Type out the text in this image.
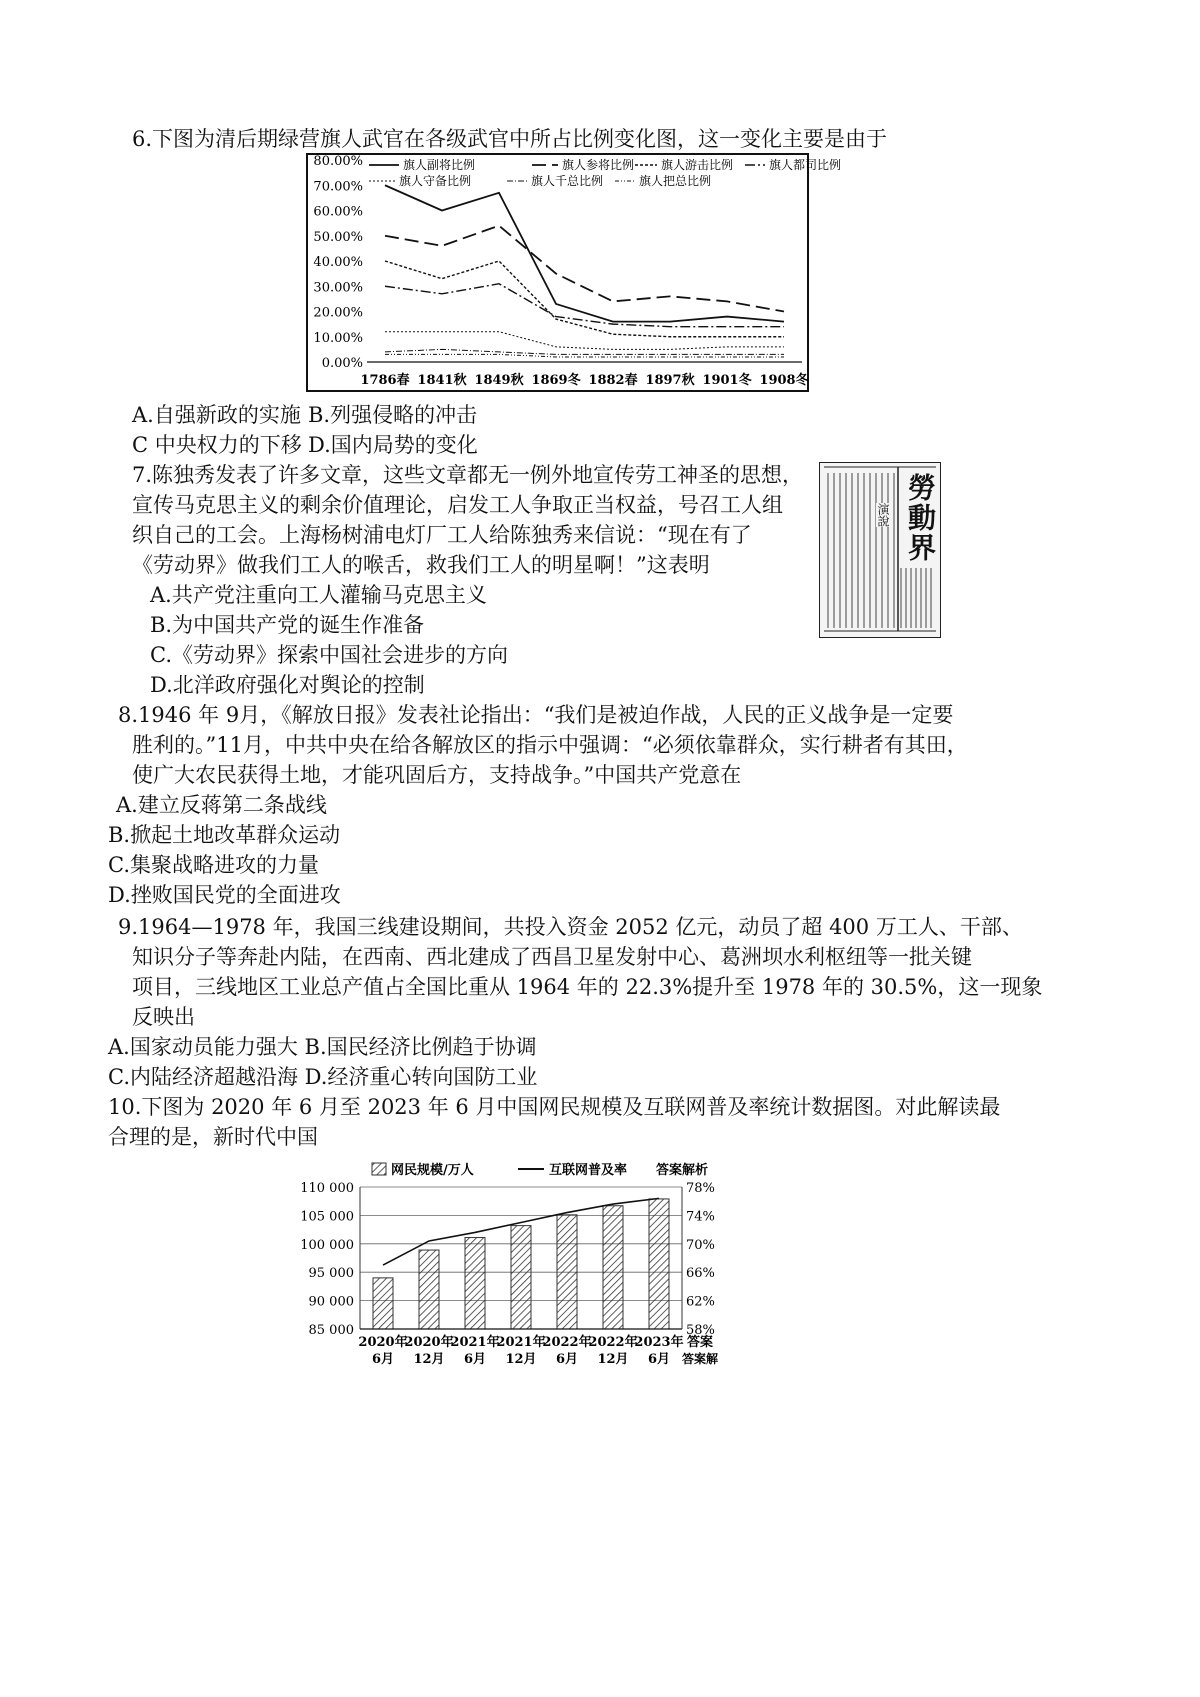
6.下图为清后期绿营旗人武官在各级武官中所占比例变化图，这一变化主要是由于
0.00%
10.00%
20.00%
30.00%
40.00%
50.00%
60.00%
70.00%
80.00%
1786春 1841秋 1849秋 1869冬 1882春 1897秋 1901冬 1908冬
旗人副将比例	旗人参将比例 旗人游击比例	旗人都司比例
旗人守备比例	旗人千总比例	旗人把总比例
A.自强新政的实施 B.列强侵略的冲击
C 中央权力的下移 D.国内局势的变化
7.陈独秀发表了许多文章，这些文章都无一例外地宣传劳工神圣的思想，
宣传马克思主义的剩余价值理论，启发工人争取正当权益，号召工人组
织自己的工会。上海杨树浦电灯厂工人给陈独秀来信说：“现在有了
《劳动界》做我们工人的喉舌，救我们工人的明星啊！”这表明
A.共产党注重向工人灌输马克思主义
B.为中国共产党的诞生作准备
C.《劳动界》探索中国社会进步的方向
D.北洋政府强化对舆论的控制
勞動界
演說
8.1946 年 9月，《解放日报》发表社论指出：“我们是被迫作战，人民的正义战争是一定要
胜利的。”11月，中共中央在给各解放区的指示中强调：“必须依靠群众，实行耕者有其田，
使广大农民获得土地，才能巩固后方，支持战争。”中国共产党意在
A.建立反蒋第二条战线
B.掀起土地改革群众运动
C.集聚战略进攻的力量
D.挫败国民党的全面进攻
9.1964—1978 年，我国三线建设期间，共投入资金 2052 亿元，动员了超 400 万工人、干部、
知识分子等奔赴内陆，在西南、西北建成了西昌卫星发射中心、葛洲坝水利枢纽等一批关键
项目，三线地区工业总产值占全国比重从 1964 年的 22.3%提升至 1978 年的 30.5%，这一现象
反映出
A.国家动员能力强大 B.国民经济比例趋于协调
C.内陆经济超越沿海 D.经济重心转向国防工业
10.下图为 2020 年 6 月至 2023 年 6 月中国网民规模及互联网普及率统计数据图。对此解读最
合理的是，新时代中国
85 000
90 000
95 000
100 000
105 000
110 000
58%
62%
66%
70%
74%
78%
2020年
6月
2020年
12月
2021年
6月
2021年
12月
2022年
6月
2022年
12月
2023年
6月
网民规模/万人	互联网普及率 答案解析
答案
答案解
